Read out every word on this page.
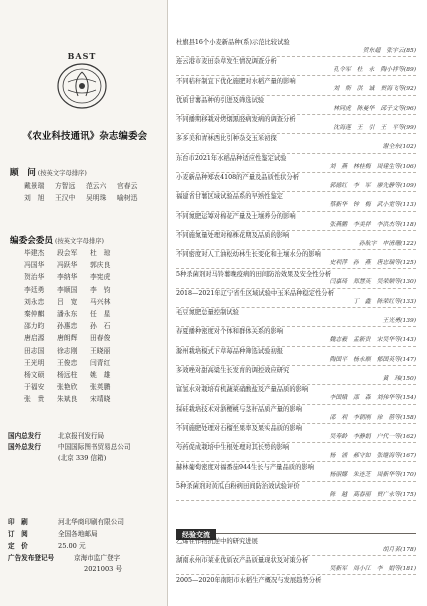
BAST
《农业科技通讯》杂志编委会
顾　问 (按英文字母排序)
戴景瑞 方智远 范云六 官春云
刘　旭 王汉中 吴明珠 喻树迅
编委会委员 (按英文字母排序)
毕建杰 段会军 杜　琼
冯国华 冯跃华 郭庆良
贺治华 李纳华 李宪虎
李廷勇 李顺国 李　钧
刘永忠 吕　宽 马兴林
秦仲麒 潘永东 任　星
邵力昀 孙惠忠 孙　石
唐启源 唐朗辉 田春俊
田志国 徐志刚 王晓丽
王光明 王俊忠 闫青红
杨文硕 杨远柱 姚　雄
于福安 张艳欣 张英鹏
张　贵 朱斌良 宋靖晓
国内总发行	北京报刊发行局
国外总发行	中国国际图书贸易总公司
(北京 339 信箱)
印　刷	河北华商印刷有限公司
订　阅	全国各地邮局
定　价	25.00 元
广告发布登记号	京海市监广登字
2021003 号
杜旗县16个小麦新品种(系)示范比较试验
贺东超　张宇云(85)
连云港市麦田杂草发生情况调查分析
孔令军　杜　永　陶小祥等(89)
不同秸秆制宜下优化施肥对水稻产量的影响
刘　斯　洪　诚　贾海飞等(92)
优质甘薯品种的引进及筛选试验
林同虎　陈曼华　邱子文等(96)
不同播期移栽对烤烟黑胫病发病的调查分析
沈海莲　王　引　王　平等(99)
多多美和青林西比引种杂交玉米初探
谢全东(102)
东台市2021年水稻品种适应性鉴定试验
刘　燕　林桂梅　周建生等(106)
小麦新品种郑农4108的产量及品质性状分析
郭德红　李　军　廖先静等(109)
福建省甘薯区域试验品系的早熟性鉴定
蔡新华　钟　梅　武小宽等(113)
不同氮肥运筹对棉花产量及土壤养分的影响
张燕鹏　李美祥　李洪杰等(118)
不同施氮量处理对棉株花期及品质的影响
孙航宇　申清珊(122)
不同密度对人工油松幼林生长变化和土壤水分的影响
史利萍　孙　燕　唐忠瑞等(125)
5种杀菌剂对马铃薯晚疫病的田间防治效果及安全性分析
闫嘉琦　郑慧英　吴荣顺等(130)
2018—2021年辽宁省生区域试验中玉米品种稳定性分析
丁　鑫　陈荣红等(133)
毛豆氮肥总量控制试验
王光勇(139)
春夏播种密度对个体和群体关系的影响
魏志毅　孟新贵　宋吴华等(143)
滁州栽培模式下草莓品种筛选试验初报
陶国平　杨永顺　郁国英等(147)
多效唑对甜高粱生长发育的调控效应研究
黄　玮(150)
富氢水对栽培有机蔬菜硝酸盐及产量品质的影响
李国娥　邵　森　刘伟华等(154)
採硅栽培技术对浙樱桃与茎秆品质产量的影响
邵　利　李朝刚　徐　蓓等(158)
不同施肥处理对石榴坐果率及果实品质的影响
吴寿龄　李静娟　户代一等(162)
芍药促成栽培中生根处理对其长势的影响
杨　涌　郝守如　张继海等(167)
赫林葡萄密度对福番茄944生长与产量品质的影响
杨丽娜　朱连芝　周新华等(170)
5种杀菌剂对黄瓜白粉病田间防治效试验评价
陈　越　高春丽　贾广永等(175)
经验交流
乙烯在作物抗逆中的研究进展
胡月茗(178)
湖南永州市菜业优质农产品质量现状及对策分析
吴新军　周小江　李　娟等(181)
2005—2020年南阳市水稻生产概况与发展趋势分析
